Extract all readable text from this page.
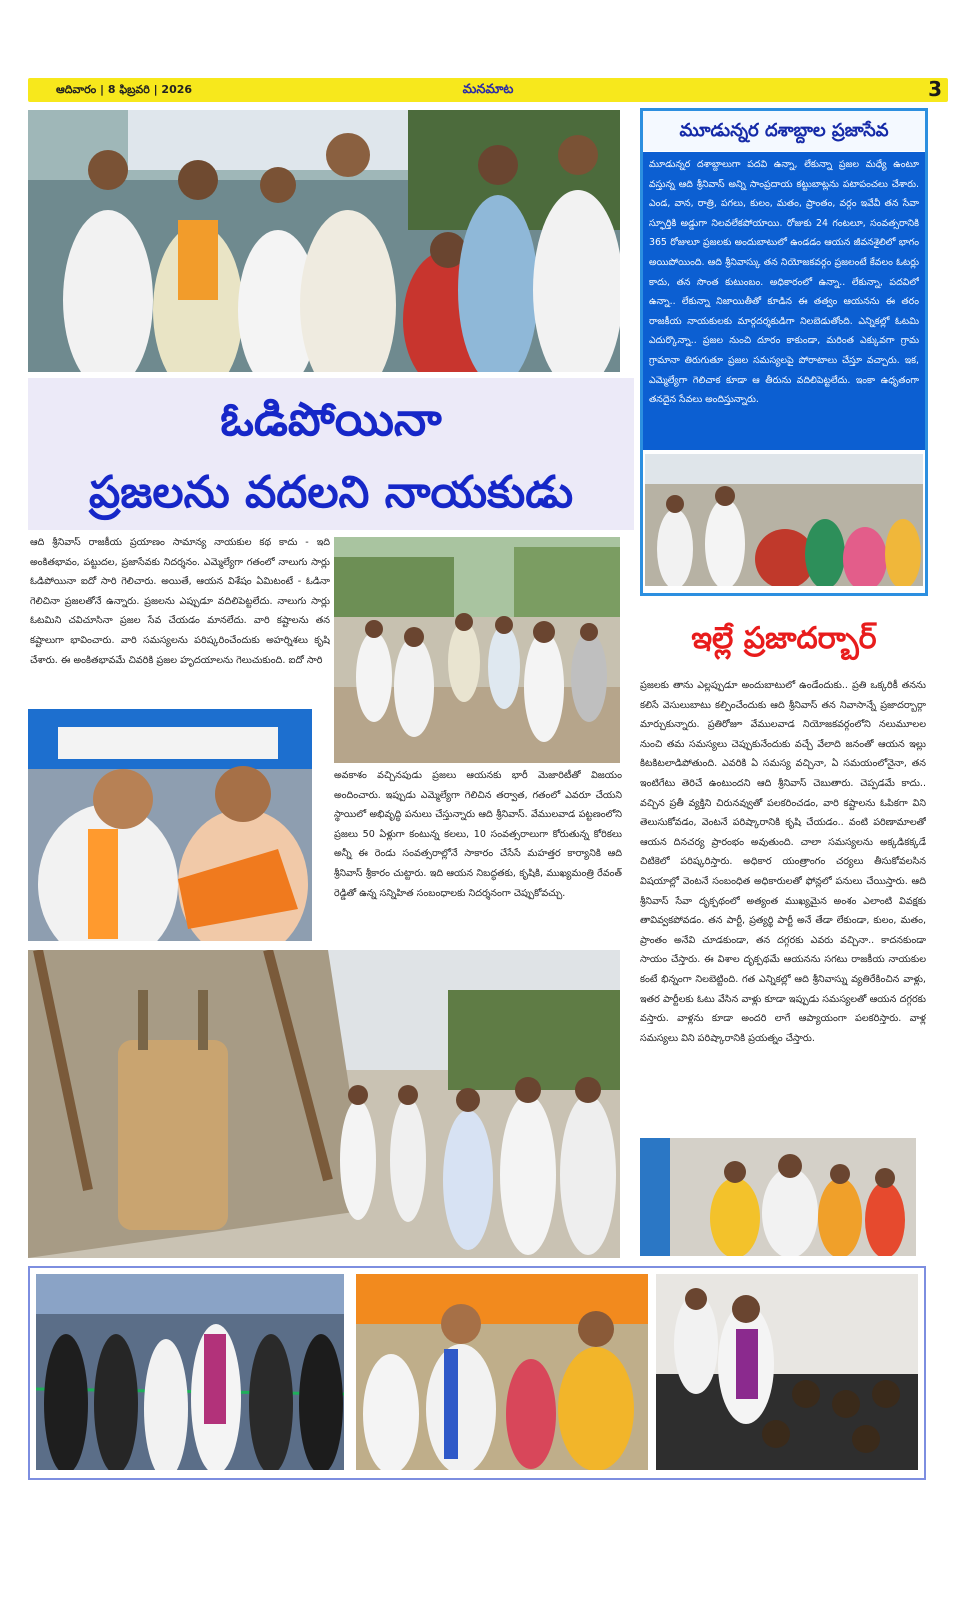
ఆదివారం | 8 ఫిబ్రవరి | 2026	మనమాట	3
ఓడిపోయినా
ప్రజలను వదలని నాయకుడు
ఆది శ్రీనివాస్ రాజకీయ ప్రయాణం సామాన్య నాయకుల కథ కాదు - ఇది అంకితభావం, పట్టుదల, ప్రజాసేవకు నిదర్శనం. ఎమ్మెల్యేగా గతంలో నాలుగు సార్లు ఓడిపోయినా ఐదో సారి గెలిచారు. అయితే, ఆయన విశేషం ఏమిటంటే - ఓడినా గెలిచినా ప్రజలతోనే ఉన్నారు. ప్రజలను ఎప్పుడూ వదిలిపెట్టలేదు. నాలుగు సార్లు ఓటమిని చవిచూసినా ప్రజల సేవ చేయడం మానలేదు. వారి కష్టాలను తన కష్టాలుగా భావించారు. వారి సమస్యలను పరిష్కరించేందుకు అహర్నిశలు కృషి చేశారు. ఈ అంకితభావమే చివరికి ప్రజల హృదయాలను గెలుచుకుంది. ఐదో సారి
అవకాశం వచ్చినపుడు ప్రజలు ఆయనకు భారీ మెజారిటీతో విజయం అందించారు. ఇప్పుడు ఎమ్మెల్యేగా గెలిచిన తర్వాత, గతంలో ఎవరూ చేయని స్థాయిలో అభివృద్ధి పనులు చేస్తున్నారు ఆది శ్రీనివాస్. వేములవాడ పట్టణంలోని ప్రజలు 50 ఏళ్లుగా కంటున్న కలలు, 10 సంవత్సరాలుగా కోరుతున్న కోరికలు అన్నీ ఈ రెండు సంవత్సరాల్లోనే సాకారం చేసేసే మహత్తర కార్యానికి ఆది శ్రీనివాస్ శ్రీకారం చుట్టారు. ఇది ఆయన నిబద్ధతకు, కృషికి, ముఖ్యమంత్రి రేవంత్ రెడ్డితో ఉన్న సన్నిహిత సంబంధాలకు నిదర్శనంగా చెప్పుకోవచ్చు.
మూడున్నర దశాబ్దాల ప్రజాసేవ
మూడున్నర దశాబ్దాలుగా పదవి ఉన్నా, లేకున్నా ప్రజల మధ్యే ఉంటూ వస్తున్న ఆది శ్రీనివాస్ అన్ని సాంప్రదాయ కట్టుబాట్లను పటాపంచలు చేశారు. ఎండ, వాన, రాత్రి, పగలు, కులం, మతం, ప్రాంతం, వర్గం ఇవేవీ తన సేవా స్ఫూర్తికి అడ్డుగా నిలవలేకపోయాయి. రోజుకు 24 గంటలూ, సంవత్సరానికి 365 రోజులూ ప్రజలకు అందుబాటులో ఉండడం ఆయన జీవనశైలిలో భాగం అయిపోయింది. ఆది శ్రీనివాస్కు తన నియోజకవర్గం ప్రజలంటే కేవలం ఓటర్లు కాదు, తన సొంత కుటుంబం. అధికారంలో ఉన్నా.. లేకున్నా, పదవిలో ఉన్నా.. లేకున్నా నిజాయితీతో కూడిన ఈ తత్వం ఆయనను ఈ తరం రాజకీయ నాయకులకు మార్గదర్శకుడిగా నిలబెడుతోంది. ఎన్నికల్లో ఓటమి ఎదుర్కొన్నా.. ప్రజల నుంచి దూరం కాకుండా, మరింత ఎక్కువగా గ్రామ గ్రామానా తిరుగుతూ ప్రజల సమస్యలపై పోరాటాలు చేస్తూ వచ్చారు. ఇక, ఎమ్మెల్యేగా గెలిచాక కూడా ఆ తీరును వదిలిపెట్టలేదు. ఇంకా ఉధృతంగా తనదైన సేవలు అందిస్తున్నారు.
ఇల్లే ప్రజాదర్బార్
ప్రజలకు తాను ఎల్లప్పుడూ అందుబాటులో ఉండేందుకు.. ప్రతి ఒక్కరికీ తనను కలిసే వెసులుబాటు కల్పించేందుకు ఆది శ్రీనివాస్ తన నివాసాన్నే ప్రజాదర్బార్గా మార్చుకున్నారు. ప్రతిరోజూ వేములవాడ నియోజకవర్గంలోని నలుమూలల నుంచి తమ సమస్యలు చెప్పుకునేందుకు వచ్చే వేలాది జనంతో ఆయన ఇల్లు కిటకిటలాడిపోతుంది. ఎవరికి ఏ సమస్య వచ్చినా, ఏ సమయంలోనైనా, తన ఇంటిగేటు తెరిచే ఉంటుందని ఆది శ్రీనివాస్ చెబుతారు. చెప్పడమే కాదు.. వచ్చిన ప్రతీ వ్యక్తిని చిరునవ్వుతో పలకరించడం, వారి కష్టాలను ఓపికగా విని తెలుసుకోవడం, వెంటనే పరిష్కారానికి కృషి చేయడం.. వంటి పరిణామాలతో ఆయన దినచర్య ప్రారంభం అవుతుంది. చాలా సమస్యలను అక్కడికక్కడే చిటికెలో పరిష్కరిస్తారు. అధికార యంత్రాంగం చర్యలు తీసుకోవలసిన విషయాల్లో వెంటనే సంబంధిత అధికారులతో ఫోన్లలో పనులు చేయిస్తారు. ఆది శ్రీనివాస్ సేవా దృక్పథంలో అత్యంత ముఖ్యమైన అంశం ఎలాంటి వివక్షకు తావివ్వకపోవడం. తన పార్టీ, ప్రత్యర్థి పార్టీ అనే తేడా లేకుండా, కులం, మతం, ప్రాంతం అనేవి చూడకుండా, తన దగ్గరకు ఎవరు వచ్చినా.. కాదనకుండా సాయం చేస్తారు. ఈ విశాల దృక్పథమే ఆయనను సగటు రాజకీయ నాయకుల కంటే భిన్నంగా నిలబెట్టింది. గత ఎన్నికల్లో ఆది శ్రీనివాస్ను వ్యతిరేకించిన వాళ్లు, ఇతర పార్టీలకు ఓటు వేసిన వాళ్లు కూడా ఇప్పుడు సమస్యలతో ఆయన దగ్గరకు వస్తారు. వాళ్లను కూడా అందరి లాగే ఆప్యాయంగా పలకరిస్తారు. వాళ్ల సమస్యలు విని పరిష్కారానికి ప్రయత్నం చేస్తారు.
